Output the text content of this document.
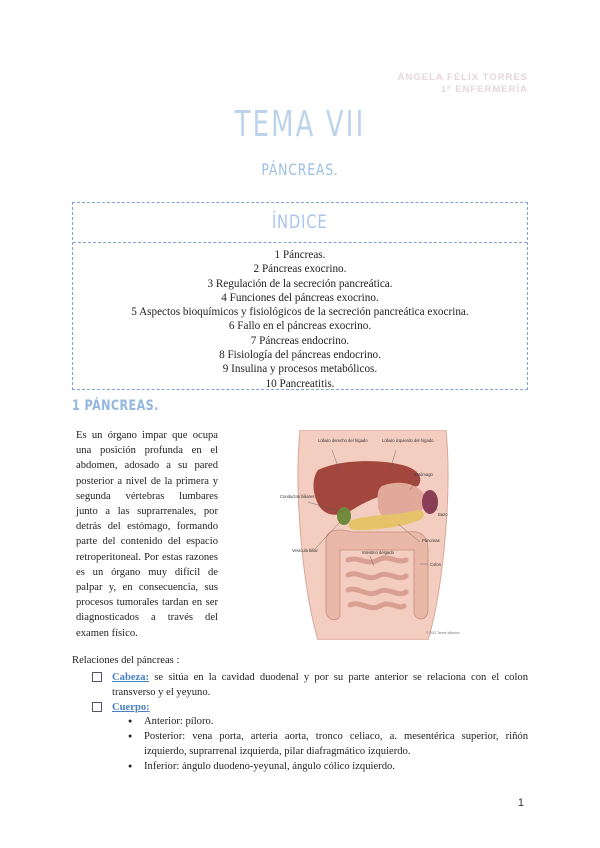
ÁNGELA FÉLIX TORRES
1º ENFERMERÍA
TEMA VII
PÁNCREAS.
ÍNDICE
1 Páncreas.
2 Páncreas exocrino.
3 Regulación de la secreción pancreática.
4 Funciones del páncreas exocrino.
5 Aspectos bioquímicos y fisiológicos de la secreción pancreática exocrina.
6 Fallo en el páncreas exocrino.
7 Páncreas endocrino.
8 Fisiología del páncreas endocrino.
9 Insulina y procesos metabólicos.
10 Pancreatitis.
1 PÁNCREAS.

Es un órgano impar que ocupa una posición profunda en el abdomen, adosado a su pared posterior a nivel de la primera y segunda vértebras lumbares junto a las suprarrenales, por detrás del estómago, formando parte del contenido del espacio retroperitoneal. Por estas razones es un órgano muy difícil de palpar y, en consecuencia, sus procesos tumorales tardan en ser diagnosticados a través del examen físico.

Lóbulo derecho del hígado	Lóbulo izquierdo del hígado
Estómago
Conductos biliares
Bazo
Páncreas
Vesícula biliar	Intestino delgado
Colon
© 2013 Terese Winslow
Relaciones del páncreas :

Cabeza: se sitúa en la cavidad duodenal y por su parte anterior se relaciona con el colon transverso y el yeyuno.

Cuerpo:

● Anterior: píloro.
● Posterior: vena porta, arteria aorta, tronco celiaco, a. mesentérica superior, riñón izquierdo, suprarrenal izquierda, pilar diafragmático izquierdo.
● Inferior: ángulo duodeno-yeyunal, ángulo cólico izquierdo.
1
